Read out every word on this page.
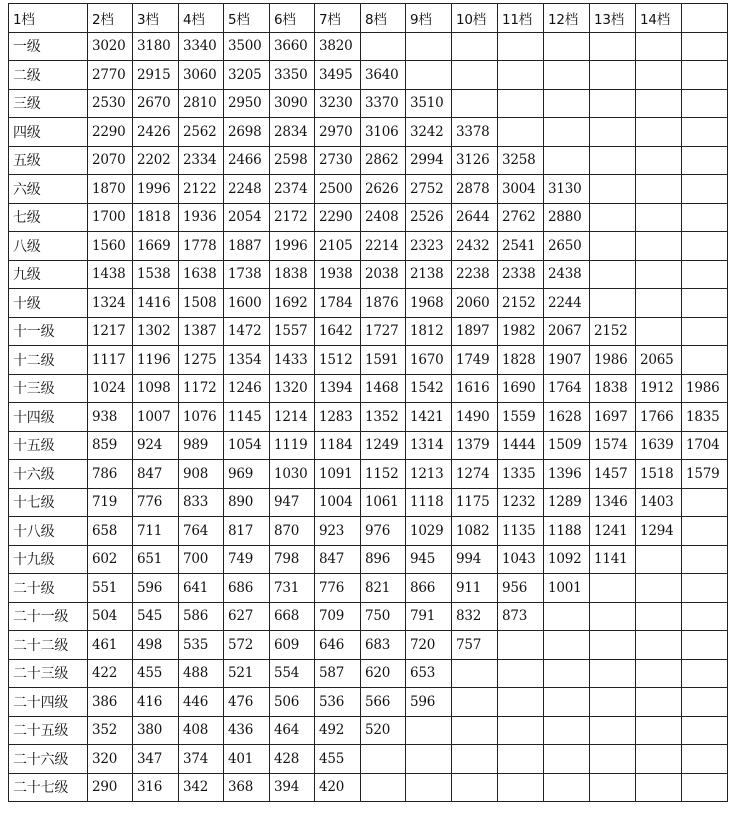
1档	2档	3档	4档	5档	6档	7档	8档	9档	10档	11档	12档	13档	14档	
一级	3020	3180	3340	3500	3660	3820								
二级	2770	2915	3060	3205	3350	3495	3640							
三级	2530	2670	2810	2950	3090	3230	3370	3510						
四级	2290	2426	2562	2698	2834	2970	3106	3242	3378					
五级	2070	2202	2334	2466	2598	2730	2862	2994	3126	3258				
六级	1870	1996	2122	2248	2374	2500	2626	2752	2878	3004	3130			
七级	1700	1818	1936	2054	2172	2290	2408	2526	2644	2762	2880			
八级	1560	1669	1778	1887	1996	2105	2214	2323	2432	2541	2650			
九级	1438	1538	1638	1738	1838	1938	2038	2138	2238	2338	2438			
十级	1324	1416	1508	1600	1692	1784	1876	1968	2060	2152	2244			
十一级	1217	1302	1387	1472	1557	1642	1727	1812	1897	1982	2067	2152		
十二级	1117	1196	1275	1354	1433	1512	1591	1670	1749	1828	1907	1986	2065	
十三级	1024	1098	1172	1246	1320	1394	1468	1542	1616	1690	1764	1838	1912	1986
十四级	938	1007	1076	1145	1214	1283	1352	1421	1490	1559	1628	1697	1766	1835
十五级	859	924	989	1054	1119	1184	1249	1314	1379	1444	1509	1574	1639	1704
十六级	786	847	908	969	1030	1091	1152	1213	1274	1335	1396	1457	1518	1579
十七级	719	776	833	890	947	1004	1061	1118	1175	1232	1289	1346	1403	
十八级	658	711	764	817	870	923	976	1029	1082	1135	1188	1241	1294	
十九级	602	651	700	749	798	847	896	945	994	1043	1092	1141		
二十级	551	596	641	686	731	776	821	866	911	956	1001			
二十一级	504	545	586	627	668	709	750	791	832	873				
二十二级	461	498	535	572	609	646	683	720	757					
二十三级	422	455	488	521	554	587	620	653						
二十四级	386	416	446	476	506	536	566	596						
二十五级	352	380	408	436	464	492	520							
二十六级	320	347	374	401	428	455								
二十七级	290	316	342	368	394	420								
